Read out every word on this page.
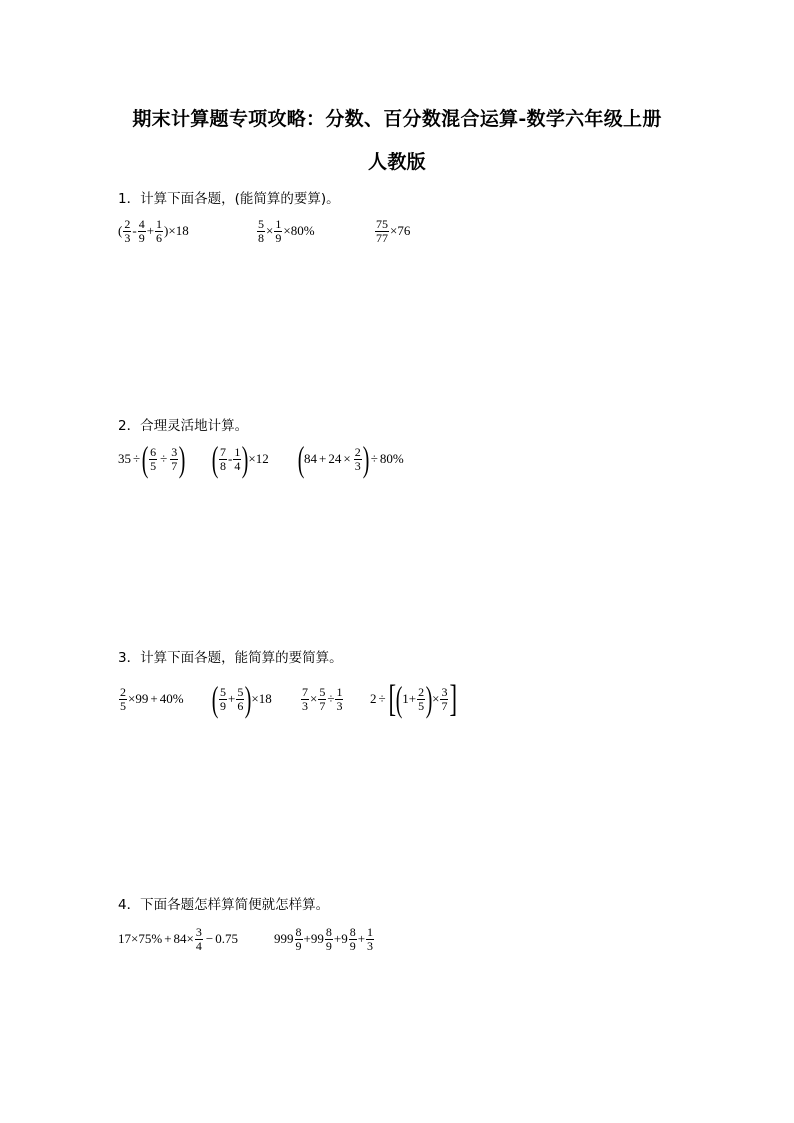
期末计算题专项攻略：分数、百分数混合运算-数学六年级上册
人教版
1．计算下面各题，(能简算的要算)。
( $\frac{2}{3} - \frac{4}{9} + \frac{1}{6}$ ) × 18	$\frac{5}{8} \times \frac{1}{9} \times 80\%$	$\frac{75}{77} \times 76$
2．合理灵活地计算。
35 ÷ ( $\frac{6}{5} \div \frac{3}{7}$ ) ( $\frac{7}{8} - \frac{1}{4}$ ) × 12 ( $84 + 24 \times \frac{2}{3}$ ) ÷ 80%
3．计算下面各题，能简算的要简算。
$\frac{2}{5} \times 99 + 40\%$ ( $\frac{5}{9} + \frac{5}{6}$ ) × $18 \frac{7}{3} \times \frac{5}{7} \div \frac{1}{3} 2$ ÷ [ ( $1 + \frac{2}{5}$ ) × $\frac{3}{7}$ ]
4．下面各题怎样算简便就怎样算。
$17 \times 75\% + 84 \times \frac{3}{4} - 0.75$	$999 \frac{8}{9} + 99 \frac{8}{9} + 9 \frac{8}{9} + \frac{1}{3}$
